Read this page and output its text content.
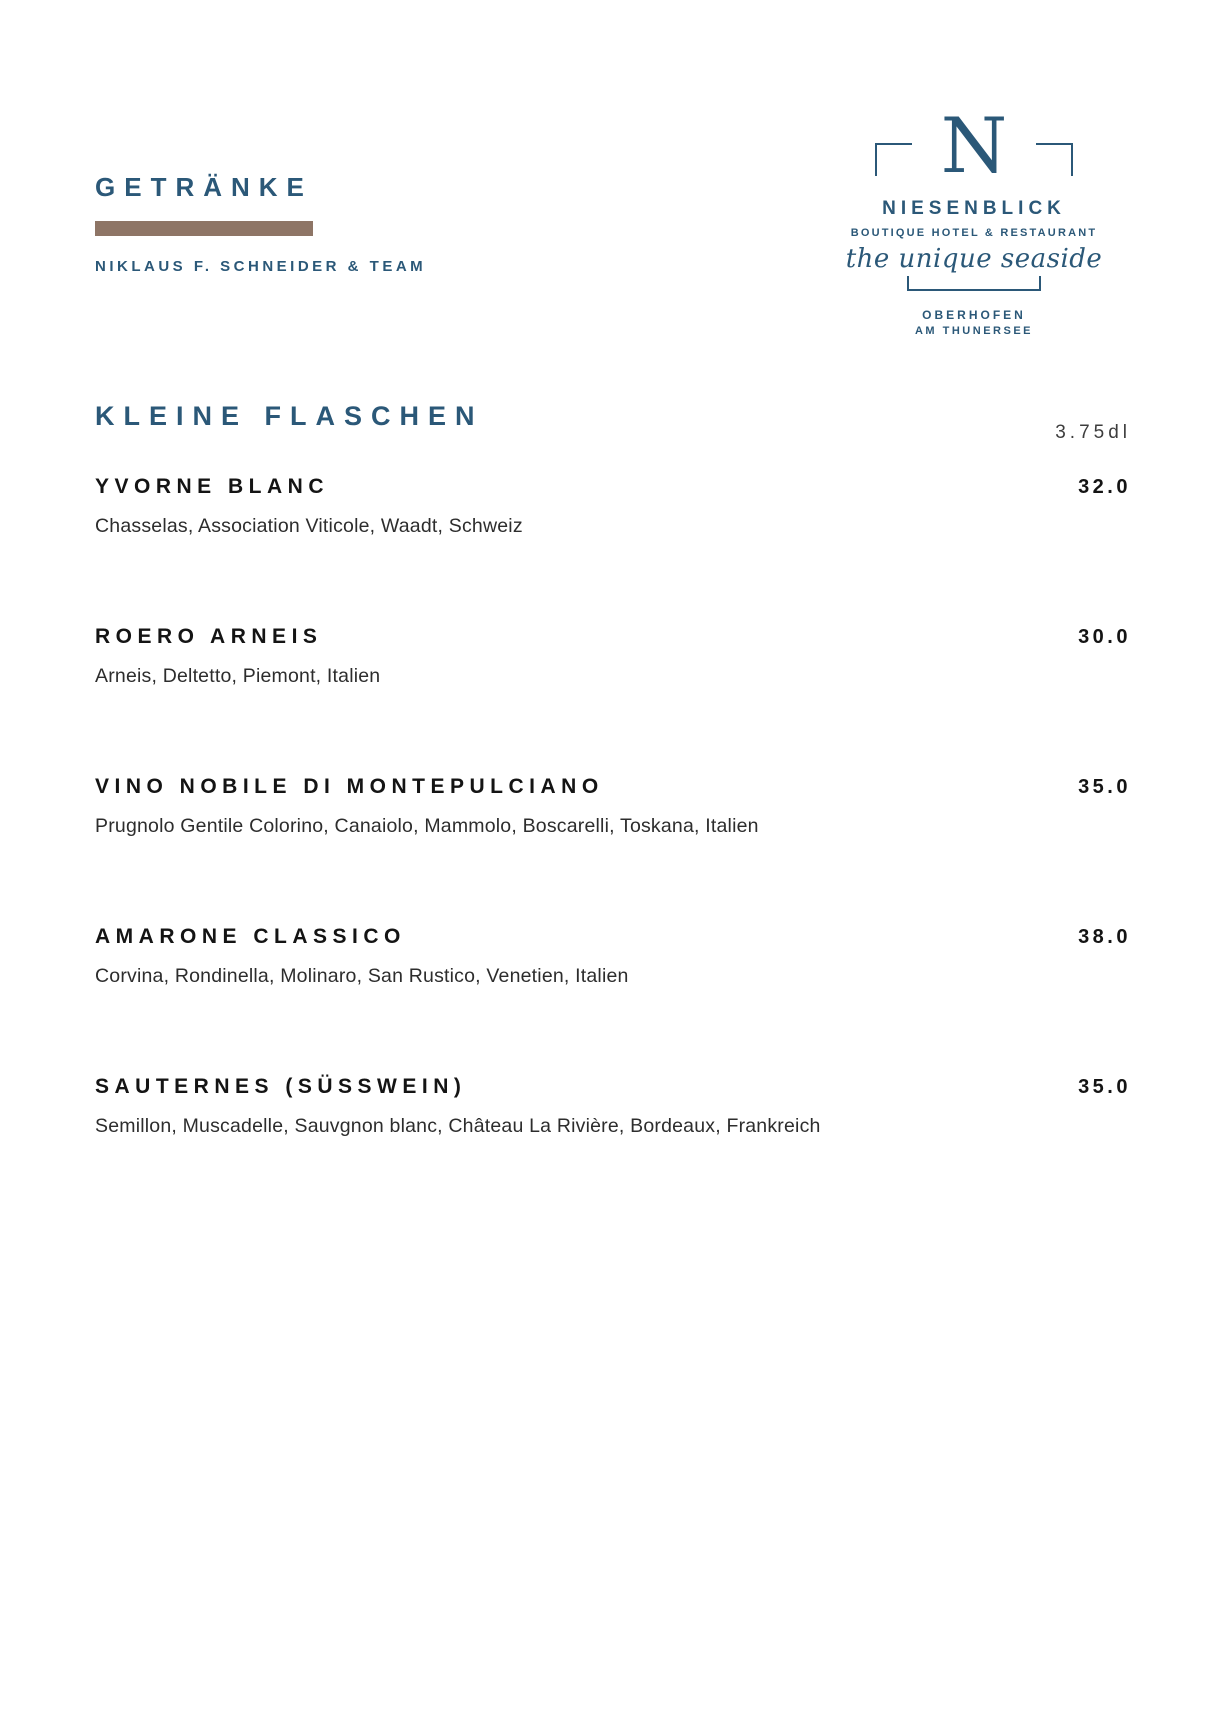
GETRÄNKE
NIKLAUS F. SCHNEIDER & TEAM
N
NIESENBLICK
BOUTIQUE HOTEL & RESTAURANT
the unique seaside
OBERHOFEN
AM THUNERSEE
KLEINE FLASCHEN
3.75dl
YVORNE BLANC	32.0
Chasselas, Association Viticole, Waadt, Schweiz
ROERO ARNEIS	30.0
Arneis, Deltetto, Piemont, Italien
VINO NOBILE DI MONTEPULCIANO	35.0
Prugnolo Gentile Colorino, Canaiolo, Mammolo, Boscarelli, Toskana, Italien
AMARONE CLASSICO	38.0
Corvina, Rondinella, Molinaro, San Rustico, Venetien, Italien
SAUTERNES (SÜSSWEIN)	35.0
Semillon, Muscadelle, Sauvgnon blanc, Château La Rivière, Bordeaux, Frankreich
